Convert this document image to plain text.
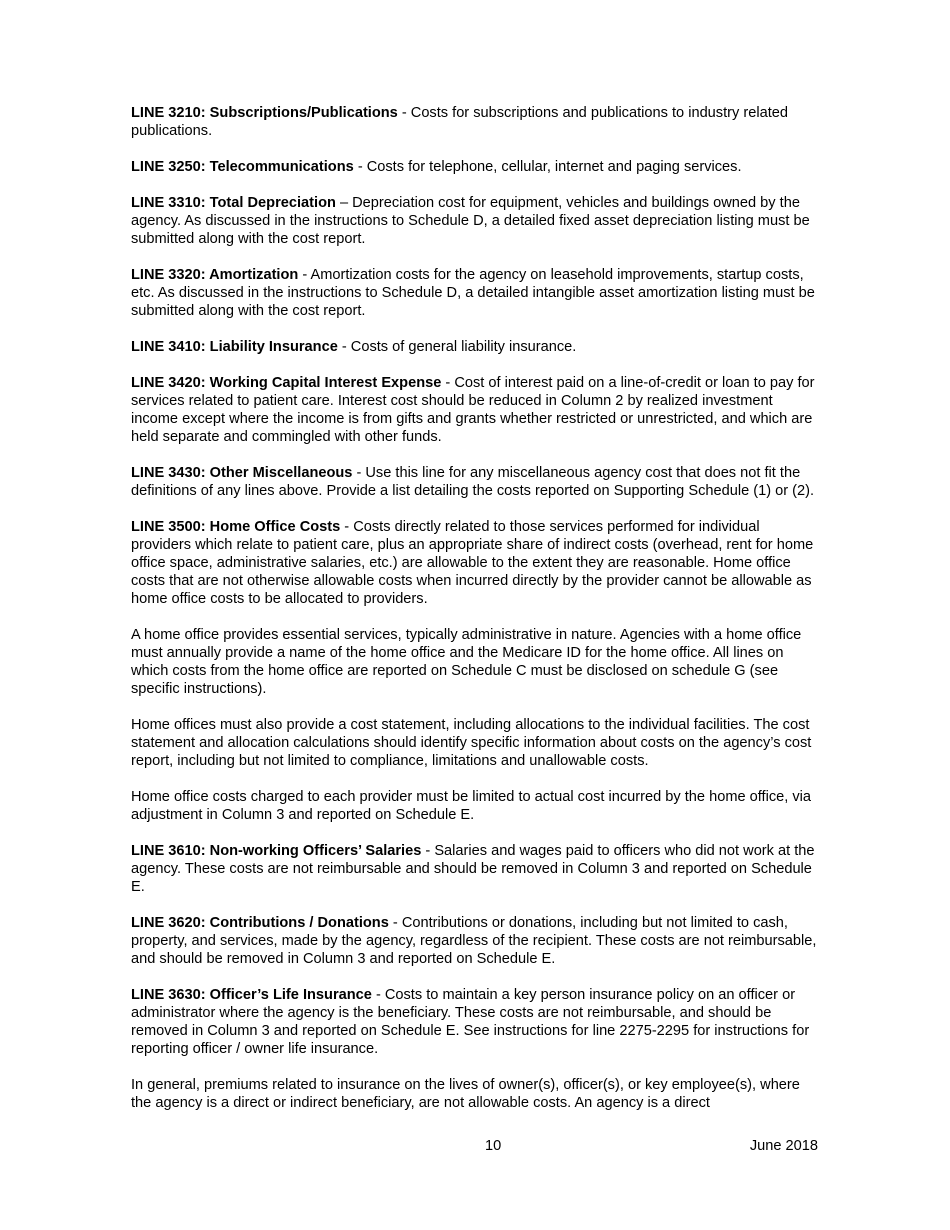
LINE 3210: Subscriptions/Publications - Costs for subscriptions and publications to industry related publications.

LINE 3250: Telecommunications - Costs for telephone, cellular, internet and paging services.

LINE 3310: Total Depreciation – Depreciation cost for equipment, vehicles and buildings owned by the agency. As discussed in the instructions to Schedule D, a detailed fixed asset depreciation listing must be submitted along with the cost report.

LINE 3320: Amortization - Amortization costs for the agency on leasehold improvements, startup costs, etc. As discussed in the instructions to Schedule D, a detailed intangible asset amortization listing must be submitted along with the cost report.

LINE 3410: Liability Insurance - Costs of general liability insurance.

LINE 3420: Working Capital Interest Expense - Cost of interest paid on a line-of-credit or loan to pay for services related to patient care. Interest cost should be reduced in Column 2 by realized investment income except where the income is from gifts and grants whether restricted or unrestricted, and which are held separate and commingled with other funds.

LINE 3430: Other Miscellaneous - Use this line for any miscellaneous agency cost that does not fit the definitions of any lines above. Provide a list detailing the costs reported on Supporting Schedule (1) or (2).

LINE 3500: Home Office Costs - Costs directly related to those services performed for individual providers which relate to patient care, plus an appropriate share of indirect costs (overhead, rent for home office space, administrative salaries, etc.) are allowable to the extent they are reasonable. Home office costs that are not otherwise allowable costs when incurred directly by the provider cannot be allowable as home office costs to be allocated to providers.

A home office provides essential services, typically administrative in nature. Agencies with a home office must annually provide a name of the home office and the Medicare ID for the home office. All lines on which costs from the home office are reported on Schedule C must be disclosed on schedule G (see specific instructions).

Home offices must also provide a cost statement, including allocations to the individual facilities. The cost statement and allocation calculations should identify specific information about costs on the agency’s cost report, including but not limited to compliance, limitations and unallowable costs.

Home office costs charged to each provider must be limited to actual cost incurred by the home office, via adjustment in Column 3 and reported on Schedule E.

LINE 3610: Non-working Officers’ Salaries - Salaries and wages paid to officers who did not work at the agency. These costs are not reimbursable and should be removed in Column 3 and reported on Schedule E.

LINE 3620: Contributions / Donations - Contributions or donations, including but not limited to cash, property, and services, made by the agency, regardless of the recipient. These costs are not reimbursable, and should be removed in Column 3 and reported on Schedule E.

LINE 3630: Officer’s Life Insurance - Costs to maintain a key person insurance policy on an officer or administrator where the agency is the beneficiary. These costs are not reimbursable, and should be removed in Column 3 and reported on Schedule E. See instructions for line 2275-2295 for instructions for reporting officer / owner life insurance.

In general, premiums related to insurance on the lives of owner(s), officer(s), or key employee(s), where the agency is a direct or indirect beneficiary, are not allowable costs. An agency is a direct

10	June 2018
